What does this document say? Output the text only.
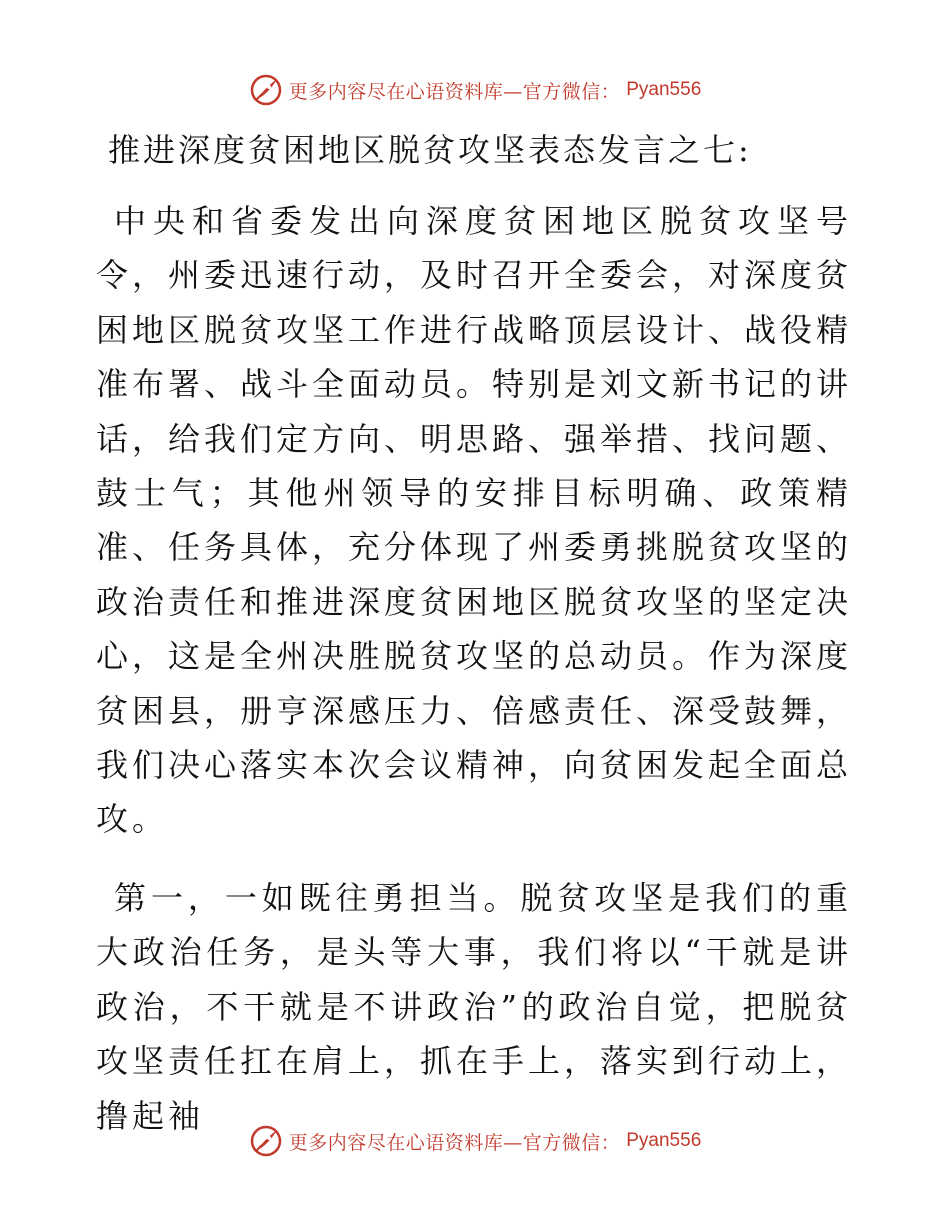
更多内容尽在心语资料库—官方微信： Pyan556
推进深度贫困地区脱贫攻坚表态发言之七:

中央和省委发出向深度贫困地区脱贫攻坚号令，州委迅速行动，及时召开全委会，对深度贫困地区脱贫攻坚工作进行战略顶层设计、战役精准布署、战斗全面动员。特别是刘文新书记的讲话，给我们定方向、明思路、强举措、找问题、鼓士气；其他州领导的安排目标明确、政策精准、任务具体，充分体现了州委勇挑脱贫攻坚的政治责任和推进深度贫困地区脱贫攻坚的坚定决心，这是全州决胜脱贫攻坚的总动员。作为深度贫困县，册亨深感压力、倍感责任、深受鼓舞，我们决心落实本次会议精神，向贫困发起全面总攻。

第一，一如既往勇担当。脱贫攻坚是我们的重大政治任务，是头等大事，我们将以“干就是讲政治，不干就是不讲政治”的政治自觉，把脱贫攻坚责任扛在肩上，抓在手上，落实到行动上，撸起袖

更多内容尽在心语资料库—官方微信： Pyan556
